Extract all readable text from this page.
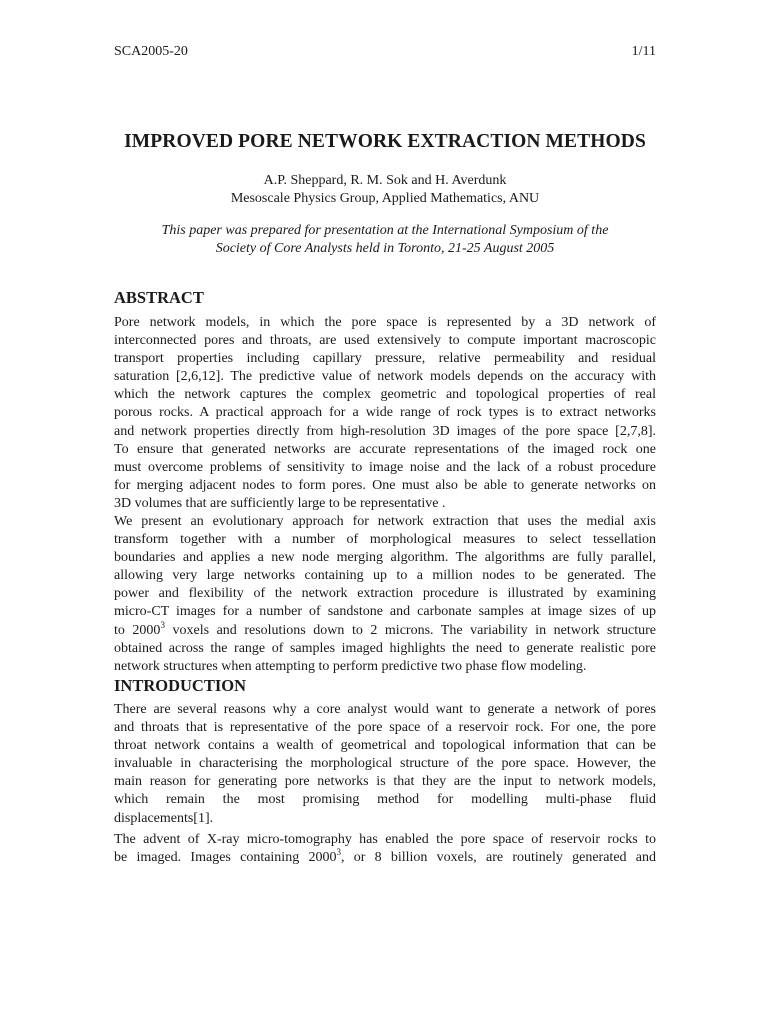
SCA2005-20	1/11
IMPROVED PORE NETWORK EXTRACTION METHODS
A.P. Sheppard, R. M. Sok and H. Averdunk
Mesoscale Physics Group, Applied Mathematics, ANU
This paper was prepared for presentation at the International Symposium of the
Society of Core Analysts held in Toronto, 21-25 August 2005
ABSTRACT
Pore network models, in which the pore space is represented by a 3D network of
interconnected pores and throats, are used extensively to compute important macroscopic
transport properties including capillary pressure, relative permeability and residual
saturation [2,6,12]. The predictive value of network models depends on the accuracy with
which the network captures the complex geometric and topological properties of real
porous rocks. A practical approach for a wide range of rock types is to extract networks
and network properties directly from high-resolution 3D images of the pore space [2,7,8].
To ensure that generated networks are accurate representations of the imaged rock one
must overcome problems of sensitivity to image noise and the lack of a robust procedure
for merging adjacent nodes to form pores. One must also be able to generate networks on
3D volumes that are sufficiently large to be representative .
We present an evolutionary approach for network extraction that uses the medial axis
transform together with a number of morphological measures to select tessellation
boundaries and applies a new node merging algorithm. The algorithms are fully parallel,
allowing very large networks containing up to a million nodes to be generated. The
power and flexibility of the network extraction procedure is illustrated by examining
micro-CT images for a number of sandstone and carbonate samples at image sizes of up
to 2000$^3$ voxels and resolutions down to 2 microns. The variability in network structure
obtained across the range of samples imaged highlights the need to generate realistic pore
network structures when attempting to perform predictive two phase flow modeling.
INTRODUCTION
There are several reasons why a core analyst would want to generate a network of pores
and throats that is representative of the pore space of a reservoir rock. For one, the pore
throat network contains a wealth of geometrical and topological information that can be
invaluable in characterising the morphological structure of the pore space. However, the
main reason for generating pore networks is that they are the input to network models,
which remain the most promising method for modelling multi-phase fluid
displacements[1].
The advent of X-ray micro-tomography has enabled the pore space of reservoir rocks to
be imaged. Images containing 2000$^3$, or 8 billion voxels, are routinely generated and
